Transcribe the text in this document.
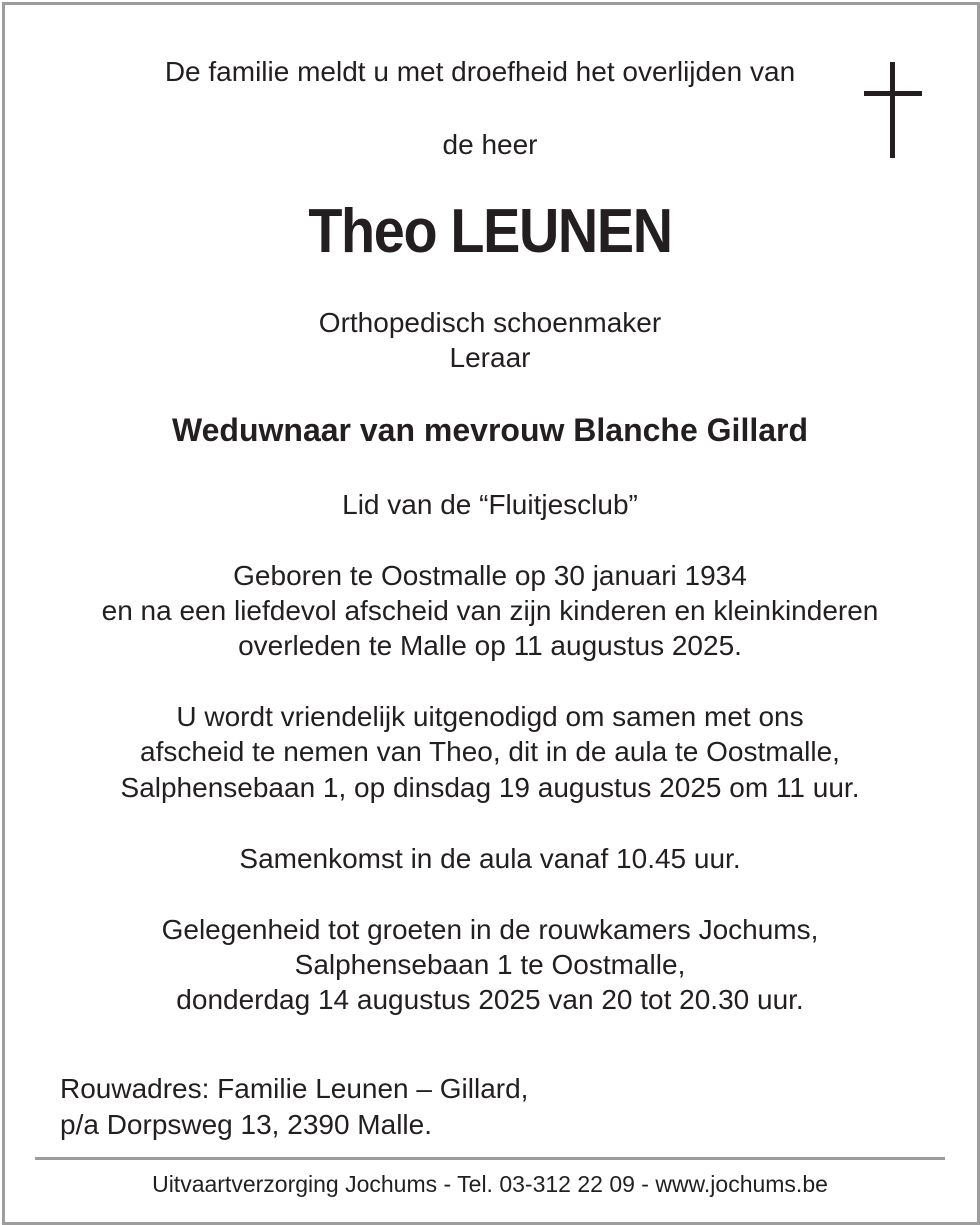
De familie meldt u met droefheid het overlijden van
de heer
Theo LEUNEN
Orthopedisch schoenmaker
Leraar
Weduwnaar van mevrouw Blanche Gillard
Lid van de “Fluitjesclub”
Geboren te Oostmalle op 30 januari 1934
en na een liefdevol afscheid van zijn kinderen en kleinkinderen
overleden te Malle op 11 augustus 2025.
U wordt vriendelijk uitgenodigd om samen met ons
afscheid te nemen van Theo, dit in de aula te Oostmalle,
Salphensebaan 1, op dinsdag 19 augustus 2025 om 11 uur.
Samenkomst in de aula vanaf 10.45 uur.
Gelegenheid tot groeten in de rouwkamers Jochums,
Salphensebaan 1 te Oostmalle,
donderdag 14 augustus 2025 van 20 tot 20.30 uur.
Rouwadres: Familie Leunen – Gillard,
p/a Dorpsweg 13, 2390 Malle.
Uitvaartverzorging Jochums - Tel. 03-312 22 09 - www.jochums.be
